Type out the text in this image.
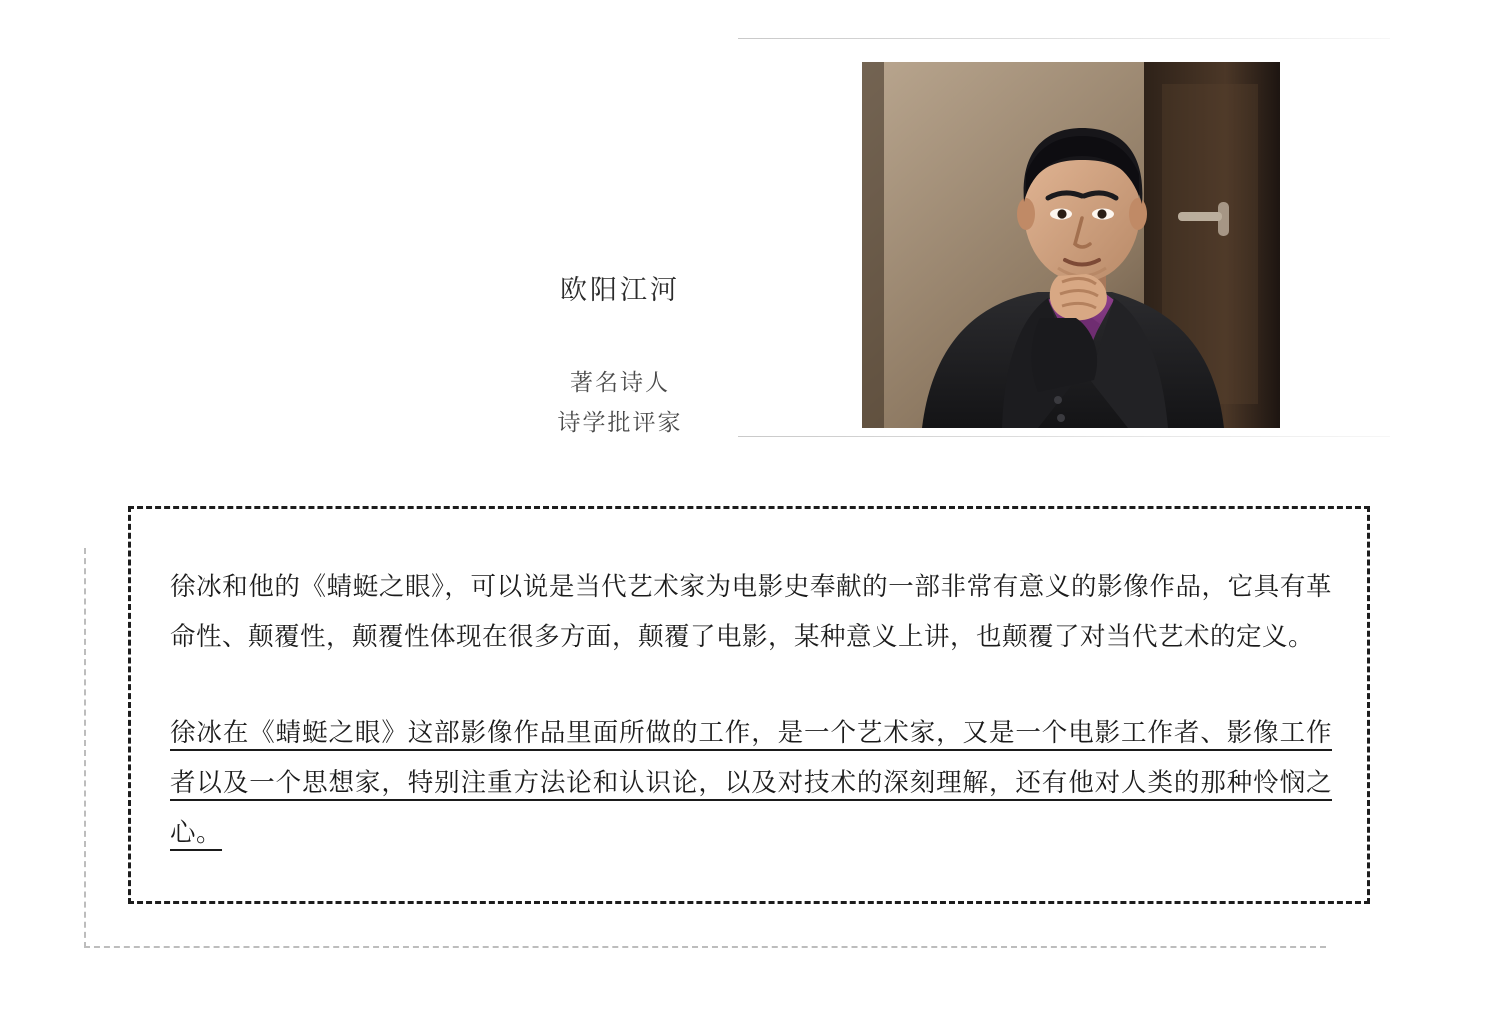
欧阳江河
著名诗人
诗学批评家
徐冰和他的《蜻蜓之眼》，可以说是当代艺术家为电影史奉献的一部非常有意义的影像作品，它具有革命性、颠覆性，颠覆性体现在很多方面，颠覆了电影，某种意义上讲，也颠覆了对当代艺术的定义。
徐冰在《蜻蜓之眼》这部影像作品里面所做的工作，是一个艺术家，又是一个电影工作者、影像工作者以及一个思想家，特别注重方法论和认识论，以及对技术的深刻理解，还有他对人类的那种怜悯之心。
